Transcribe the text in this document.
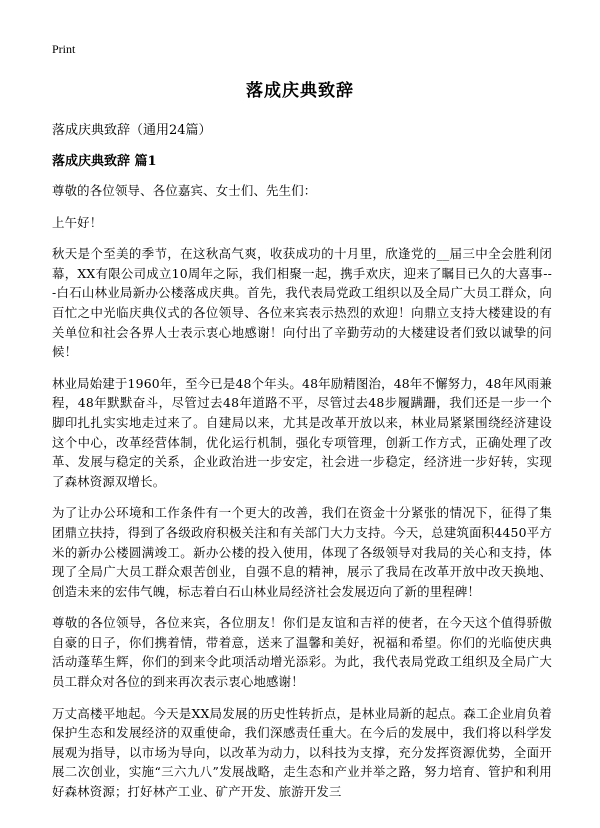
Print
落成庆典致辞
落成庆典致辞（通用24篇）
落成庆典致辞 篇1

尊敬的各位领导、各位嘉宾、女士们、先生们：

上午好！

秋天是个至美的季节，在这秋高气爽，收获成功的十月里，欣逢党的__届三中全会胜利闭幕，XX有限公司成立10周年之际，我们相聚一起，携手欢庆，迎来了瞩目已久的大喜事---白石山林业局新办公楼落成庆典。首先，我代表局党政工组织以及全局广大员工群众，向百忙之中光临庆典仪式的各位领导、各位来宾表示热烈的欢迎！向鼎立支持大楼建设的有关单位和社会各界人士表示衷心地感谢！向付出了辛勤劳动的大楼建设者们致以诚挚的问候！

林业局始建于1960年，至今已是48个年头。48年励精图治，48年不懈努力，48年风雨兼程，48年默默奋斗，尽管过去48年道路不平，尽管过去48步履蹒跚，我们还是一步一个脚印扎扎实实地走过来了。自建局以来，尤其是改革开放以来，林业局紧紧围绕经济建设这个中心，改革经营体制，优化运行机制，强化专项管理，创新工作方式，正确处理了改革、发展与稳定的关系，企业政治进一步安定，社会进一步稳定，经济进一步好转，实现了森林资源双增长。

为了让办公环境和工作条件有一个更大的改善，我们在资金十分紧张的情况下，征得了集团鼎立扶持，得到了各级政府积极关注和有关部门大力支持。今天，总建筑面积4450平方米的新办公楼圆满竣工。新办公楼的投入使用，体现了各级领导对我局的关心和支持，体现了全局广大员工群众艰苦创业，自强不息的精神，展示了我局在改革开放中改天换地、创造未来的宏伟气魄，标志着白石山林业局经济社会发展迈向了新的里程碑！

尊敬的各位领导，各位来宾，各位朋友！你们是友谊和吉祥的使者，在今天这个值得骄傲自豪的日子，你们携着情，带着意，送来了温馨和美好，祝福和希望。你们的光临使庆典活动蓬荜生辉，你们的到来令此项活动增光添彩。为此，我代表局党政工组织及全局广大员工群众对各位的到来再次表示衷心地感谢！

万丈高楼平地起。今天是XX局发展的历史性转折点，是林业局新的起点。森工企业肩负着保护生态和发展经济的双重使命，我们深感责任重大。在今后的发展中，我们将以科学发展观为指导，以市场为导向，以改革为动力，以科技为支撑，充分发挥资源优势，全面开展二次创业，实施“三六九八”发展战略，走生态和产业并举之路，努力培育、管护和利用好森林资源；打好林产工业、矿产开发、旅游开发三
